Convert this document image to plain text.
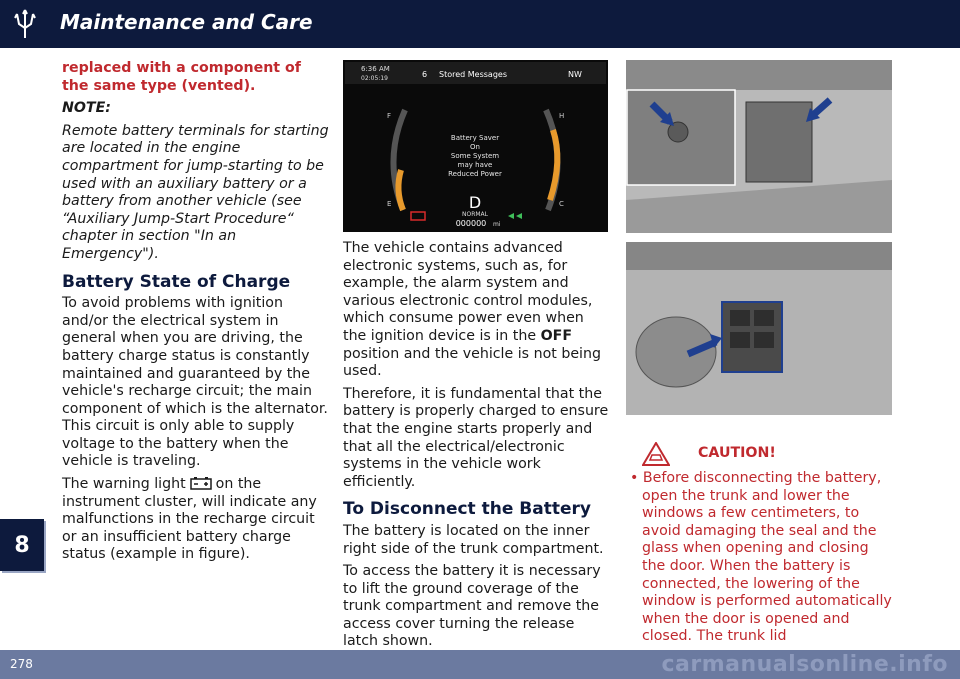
Maintenance and Care

replaced with a component of the same type (vented).

NOTE:

Remote battery terminals for starting are located in the engine compartment for jump-starting to be used with an auxiliary battery or a battery from another vehicle (see “Auxiliary Jump-Start Procedure“ chapter in section "In an Emergency").

Battery State of Charge

To avoid problems with ignition and/or the electrical system in general when you are driving, the battery charge status is constantly maintained and guaranteed by the vehicle's recharge circuit; the main component of which is the alternator. This circuit is only able to supply voltage to the battery when the vehicle is traveling.

The warning light on the instrument cluster, will indicate any malfunctions in the recharge circuit or an insufficient battery charge status (example in figure).

6:36 AM
02:05:19	6 Stored Messages	NW
F
E
H
C
Battery Saver
On
Some System
may have
Reduced Power
D
NORMAL
000000 mi

The vehicle contains advanced electronic systems, such as, for example, the alarm system and various electronic control modules, which consume power even when the ignition device is in the OFF position and the vehicle is not being used.

Therefore, it is fundamental that the battery is properly charged to ensure that the engine starts properly and that all the electrical/electronic systems in the vehicle work efficiently.

To Disconnect the Battery

The battery is located on the inner right side of the trunk compartment.

To access the battery it is necessary to lift the ground coverage of the trunk compartment and remove the access cover turning the release latch shown.

CAUTION!
• Before disconnecting the battery, open the trunk and lower the windows a few centimeters, to avoid damaging the seal and the glass when opening and closing the door. When the battery is connected, the lowering of the window is performed automatically when the door is opened and closed. The trunk lid
8
278	carmanualsonline.info
